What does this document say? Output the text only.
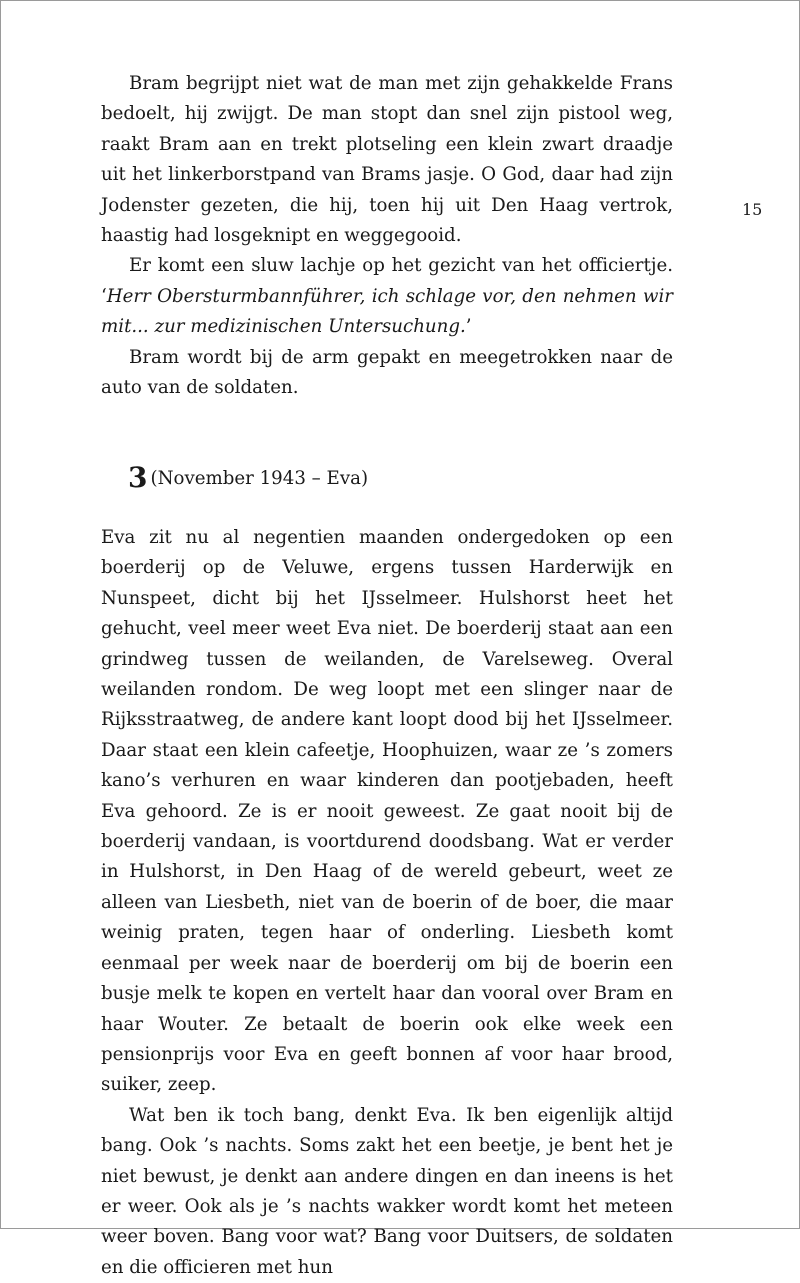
15

Bram begrijpt niet wat de man met zijn gehakkelde Frans bedoelt, hij zwijgt. De man stopt dan snel zijn pistool weg, raakt Bram aan en trekt plotseling een klein zwart draadje uit het linkerborstpand van Brams jasje. O God, daar had zijn Jodenster gezeten, die hij, toen hij uit Den Haag vertrok, haastig had losgeknipt en weggegooid.

Er komt een sluw lachje op het gezicht van het officiertje. ‘Herr Obersturmbannführer, ich schlage vor, den nehmen wir mit... zur medizinischen Untersuchung.’

Bram wordt bij de arm gepakt en meegetrokken naar de auto van de soldaten.

3 (November 1943 – Eva)

Eva zit nu al negentien maanden ondergedoken op een boerderij op de Veluwe, ergens tussen Harderwijk en Nunspeet, dicht bij het IJsselmeer. Hulshorst heet het gehucht, veel meer weet Eva niet. De boerderij staat aan een grindweg tussen de weilanden, de Varelseweg. Overal weilanden rondom. De weg loopt met een slinger naar de Rijksstraatweg, de andere kant loopt dood bij het IJsselmeer. Daar staat een klein cafeetje, Hoophuizen, waar ze ’s zomers kano’s verhuren en waar kinderen dan pootjebaden, heeft Eva gehoord. Ze is er nooit geweest. Ze gaat nooit bij de boerderij vandaan, is voortdurend doodsbang. Wat er verder in Hulshorst, in Den Haag of de wereld gebeurt, weet ze alleen van Liesbeth, niet van de boerin of de boer, die maar weinig praten, tegen haar of onderling. Liesbeth komt eenmaal per week naar de boerderij om bij de boerin een busje melk te kopen en vertelt haar dan vooral over Bram en haar Wouter. Ze betaalt de boerin ook elke week een pensionprijs voor Eva en geeft bonnen af voor haar brood, suiker, zeep.

Wat ben ik toch bang, denkt Eva. Ik ben eigenlijk altijd bang. Ook ’s nachts. Soms zakt het een beetje, je bent het je niet bewust, je denkt aan andere dingen en dan ineens is het er weer. Ook als je ’s nachts wakker wordt komt het meteen weer boven. Bang voor wat? Bang voor Duitsers, de soldaten en die officieren met hun
